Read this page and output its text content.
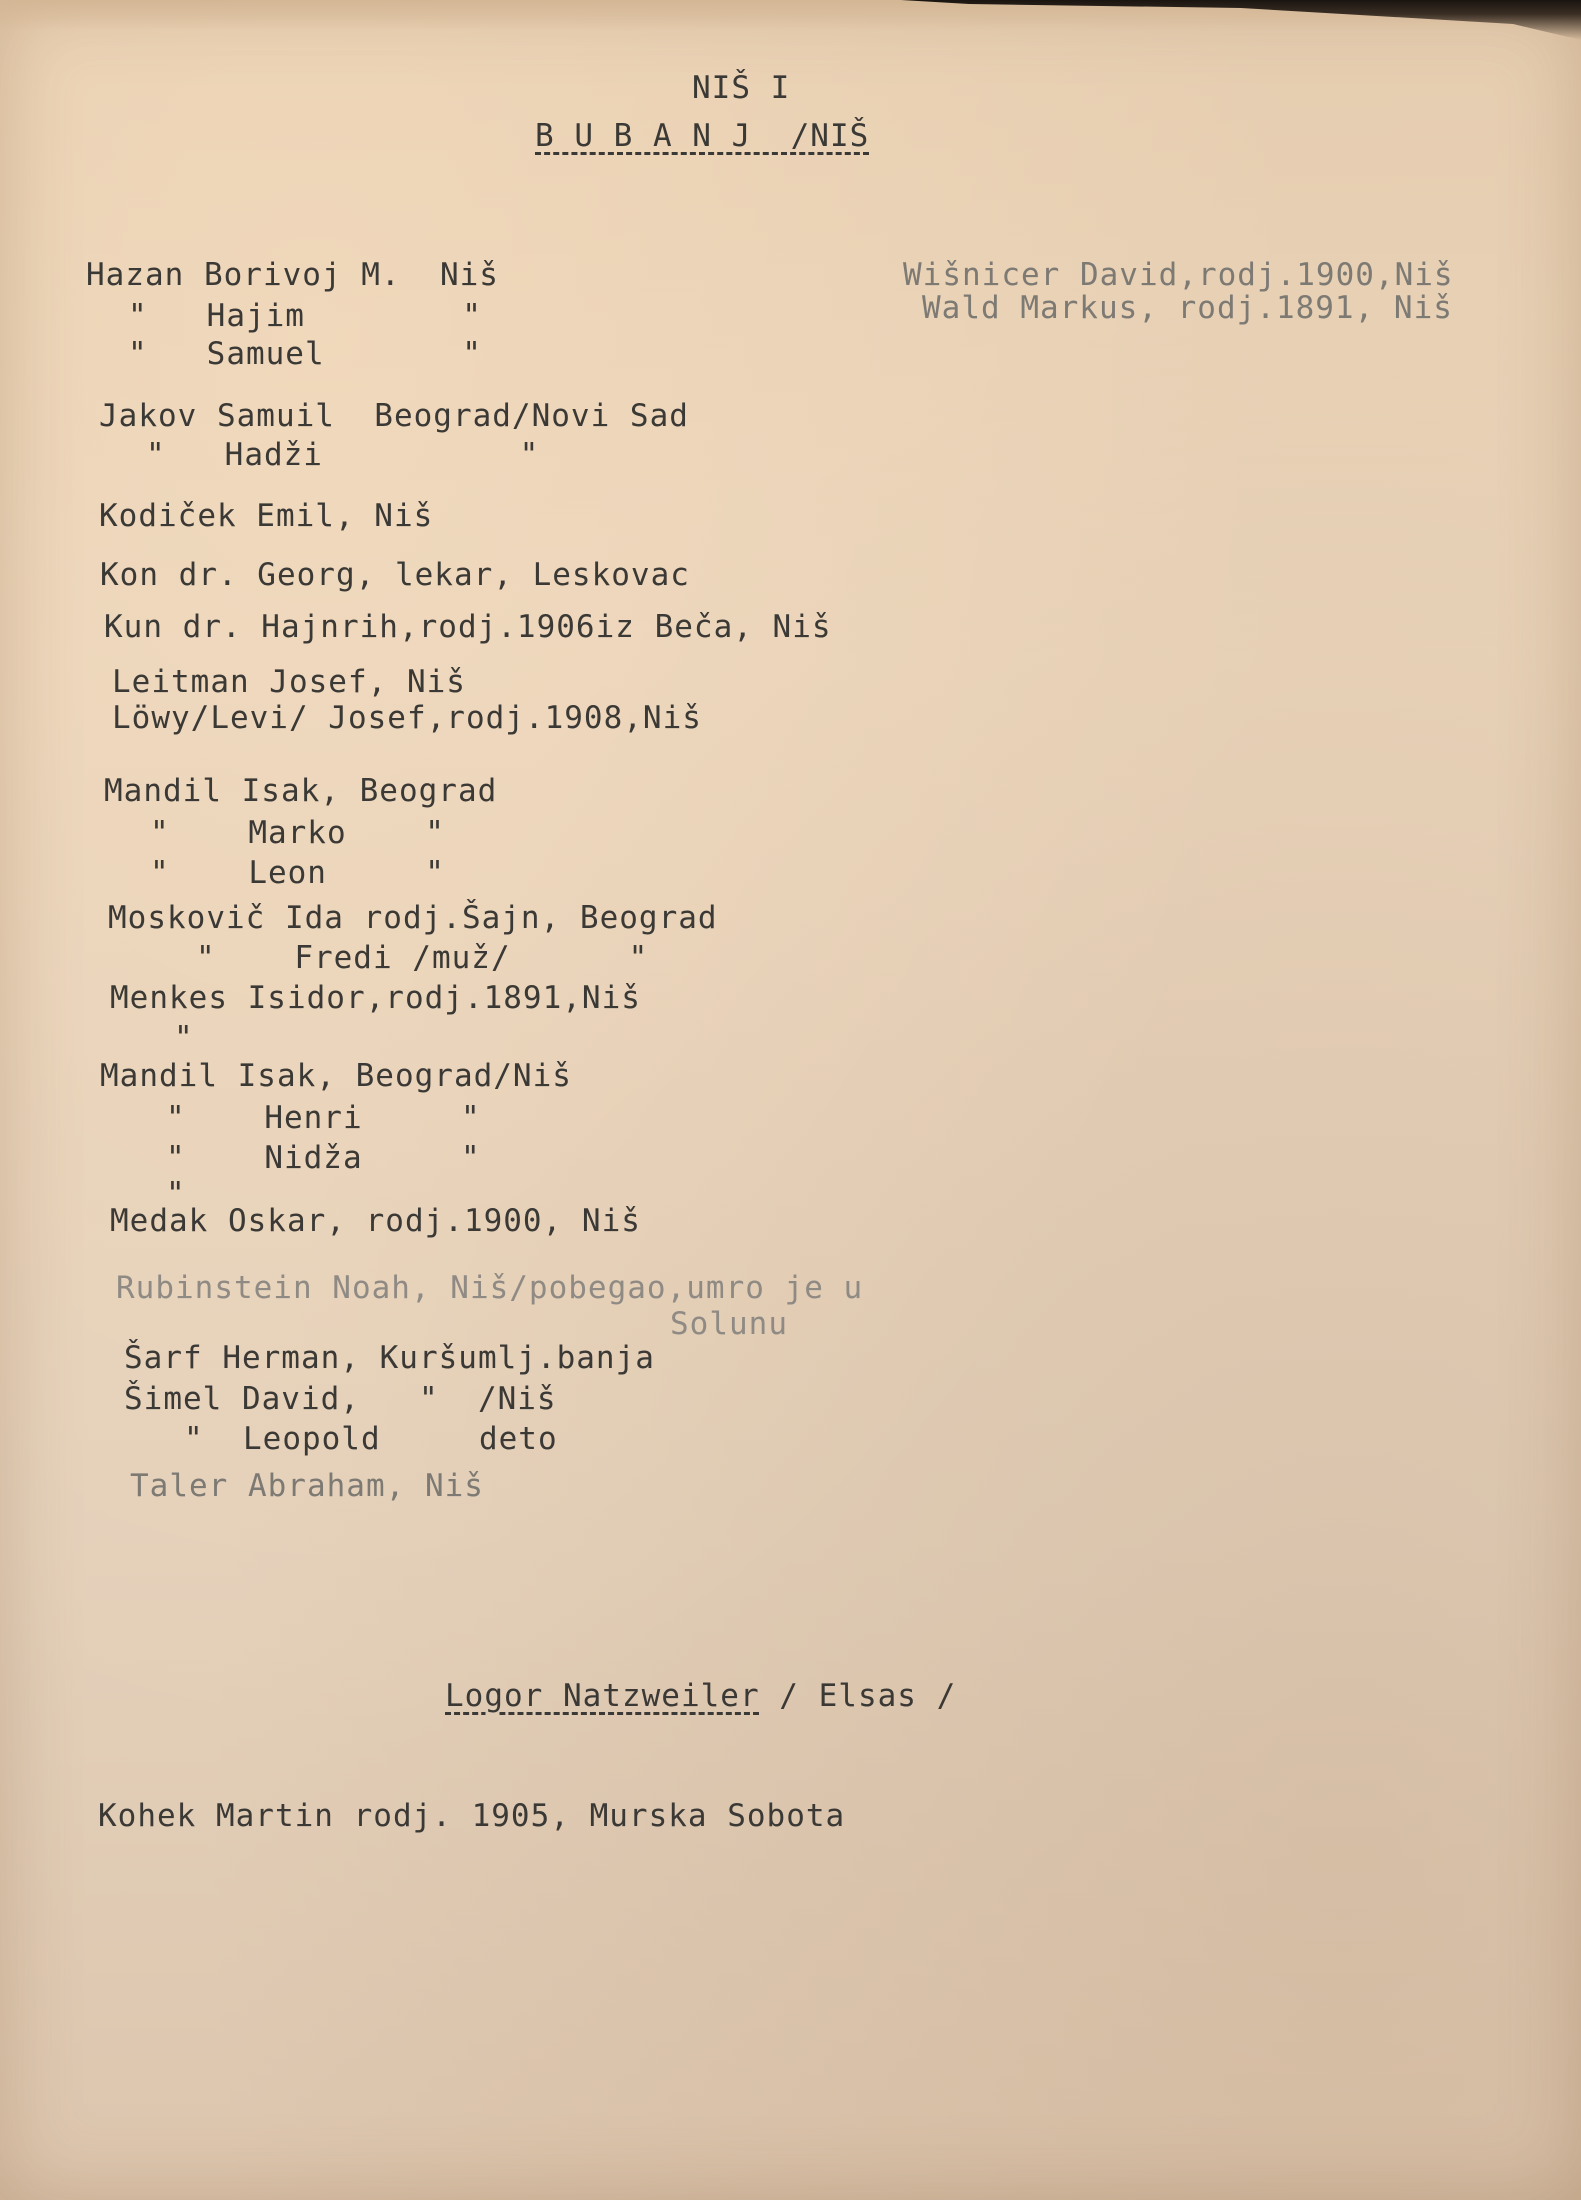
NIŠ I
B U B A N J  /NIŠ
Wišnicer David,rodj.1900,Niš
Wald Markus, rodj.1891, Niš
Hazan Borivoj M.  Niš
"   Hajim        "
"   Samuel       "
Jakov Samuil  Beograd/Novi Sad
"   Hadži          "
Kodiček Emil, Niš
Kon dr. Georg, lekar, Leskovac
Kun dr. Hajnrih,rodj.1906iz Beča, Niš
Leitman Josef, Niš
Löwy/Levi/ Josef,rodj.1908,Niš
Mandil Isak, Beograd
"    Marko    "
"    Leon     "
Moskovič Ida rodj.Šajn, Beograd
"    Fredi /muž/      "
Menkes Isidor,rodj.1891,Niš
"
Mandil Isak, Beograd/Niš
"    Henri     "
"    Nidža     "
"
Medak Oskar, rodj.1900, Niš
Rubinstein Noah, Niš/pobegao,umro je u
Solunu
Šarf Herman, Kuršumlj.banja
Šimel David,   "  /Niš
"  Leopold     deto
Taler Abraham, Niš
Logor Natzweiler / Elsas /
Kohek Martin rodj. 1905, Murska Sobota
